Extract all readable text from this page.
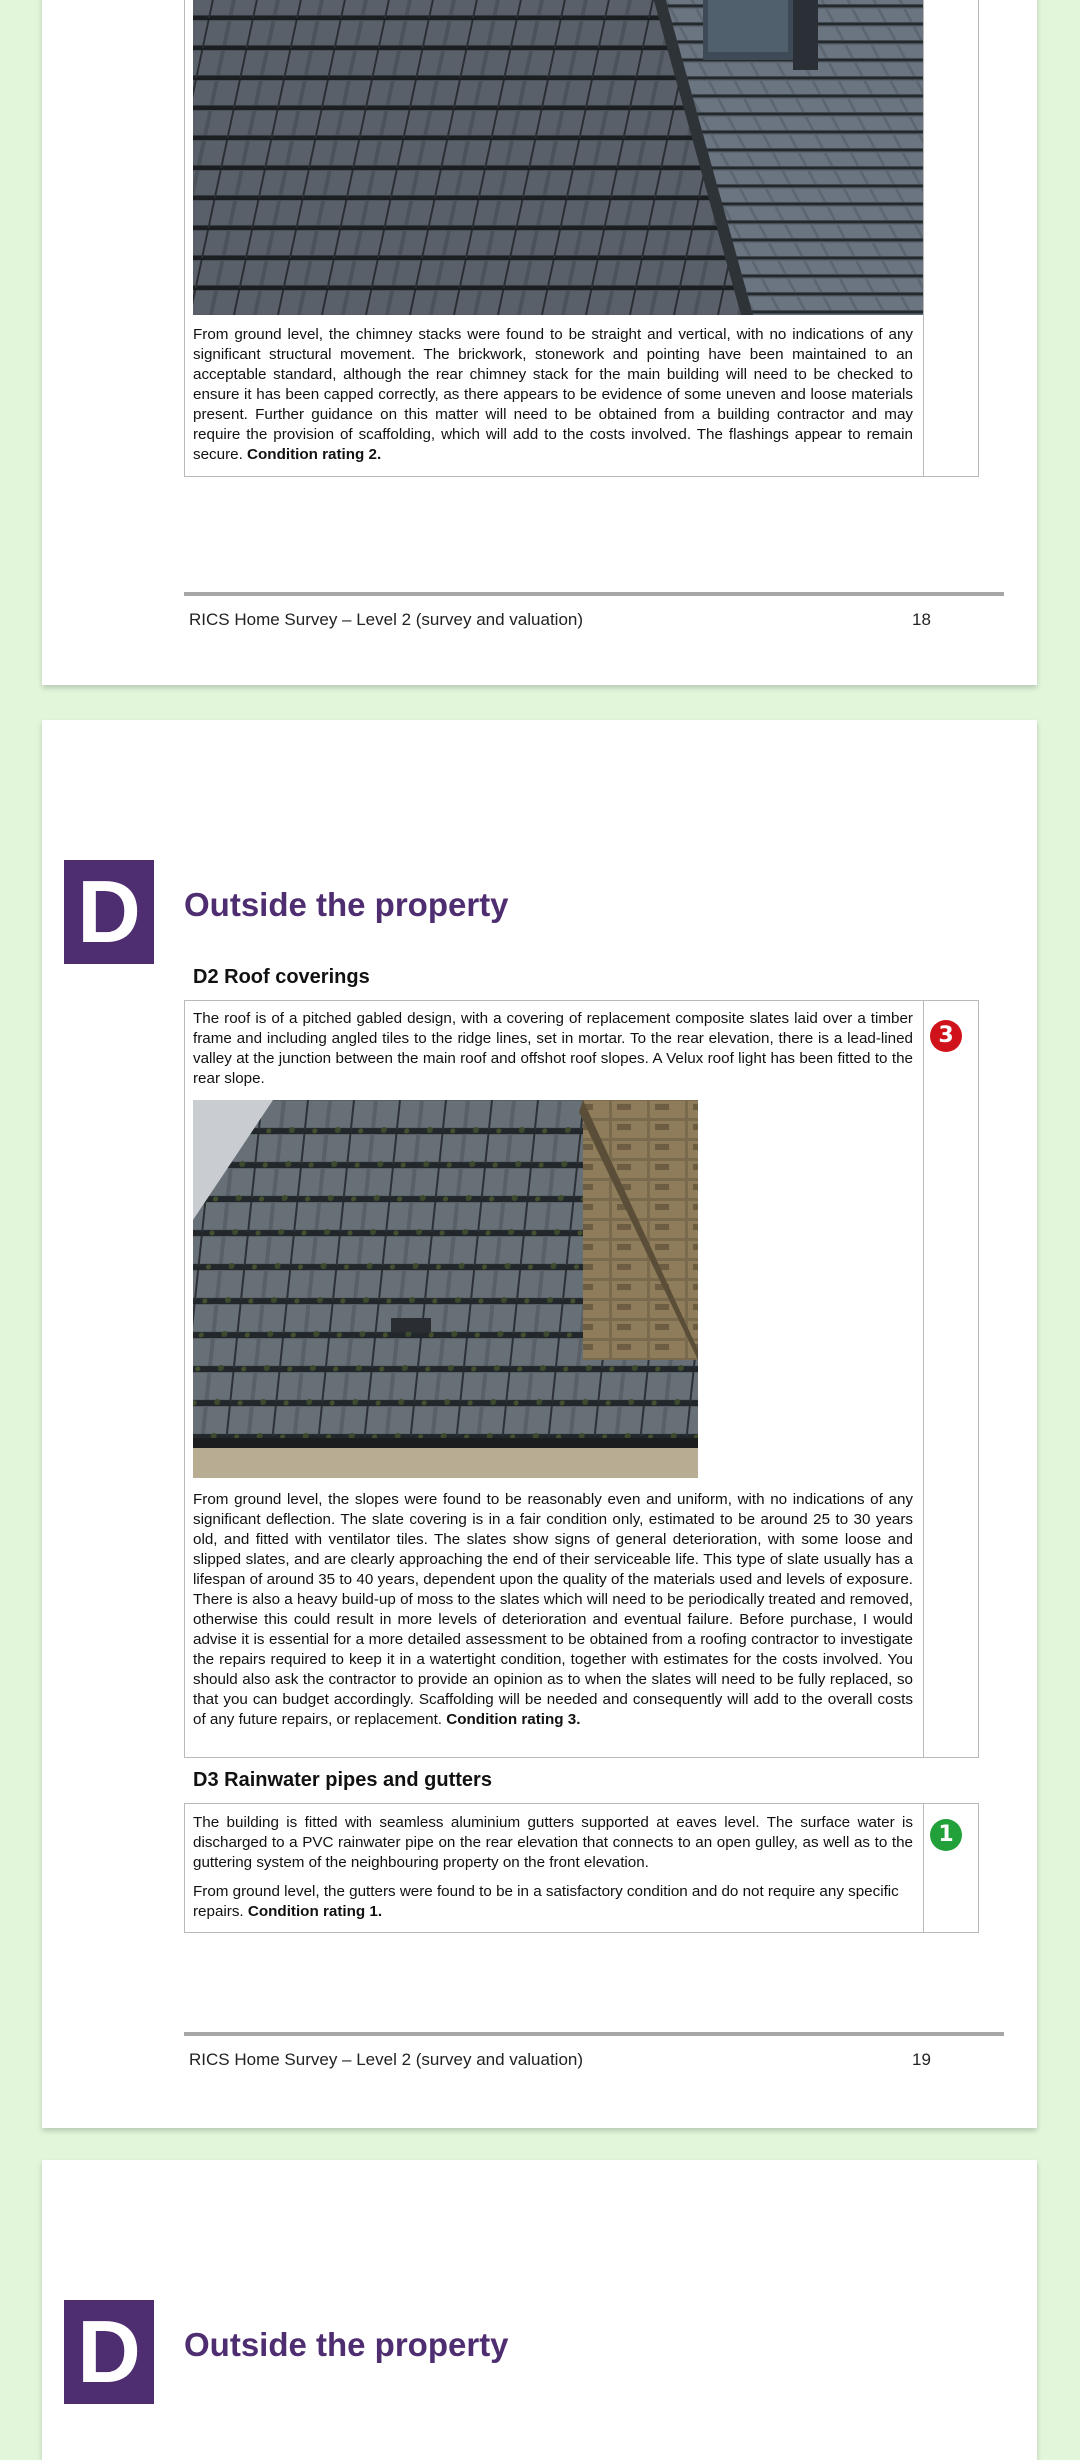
From ground level, the chimney stacks were found to be straight and vertical, with no indications of any significant structural movement. The brickwork, stonework and pointing have been maintained to an acceptable standard, although the rear chimney stack for the main building will need to be checked to ensure it has been capped correctly, as there appears to be evidence of some uneven and loose materials present. Further guidance on this matter will need to be obtained from a building contractor and may require the provision of scaffolding, which will add to the costs involved. The flashings appear to remain secure. Condition rating 2.

RICS Home Survey – Level 2 (survey and valuation)	18
D	Outside the property
D2 Roof coverings
3

The roof is of a pitched gabled design, with a covering of replacement composite slates laid over a timber frame and including angled tiles to the ridge lines, set in mortar. To the rear elevation, there is a lead-lined valley at the junction between the main roof and offshot roof slopes. A Velux roof light has been fitted to the rear slope.

From ground level, the slopes were found to be reasonably even and uniform, with no indications of any significant deflection. The slate covering is in a fair condition only, estimated to be around 25 to 30 years old, and fitted with ventilator tiles. The slates show signs of general deterioration, with some loose and slipped slates, and are clearly approaching the end of their serviceable life. This type of slate usually has a lifespan of around 35 to 40 years, dependent upon the quality of the materials used and levels of exposure. There is also a heavy build-up of moss to the slates which will need to be periodically treated and removed, otherwise this could result in more levels of deterioration and eventual failure. Before purchase, I would advise it is essential for a more detailed assessment to be obtained from a roofing contractor to investigate the repairs required to keep it in a watertight condition, together with estimates for the costs involved. You should also ask the contractor to provide an opinion as to when the slates will need to be fully replaced, so that you can budget accordingly. Scaffolding will be needed and consequently will add to the overall costs of any future repairs, or replacement. Condition rating 3.

D3 Rainwater pipes and gutters
1

The building is fitted with seamless aluminium gutters supported at eaves level. The surface water is discharged to a PVC rainwater pipe on the rear elevation that connects to an open gulley, as well as to the guttering system of the neighbouring property on the front elevation.

From ground level, the gutters were found to be in a satisfactory condition and do not require any specific repairs. Condition rating 1.

RICS Home Survey – Level 2 (survey and valuation)	19
D	Outside the property
